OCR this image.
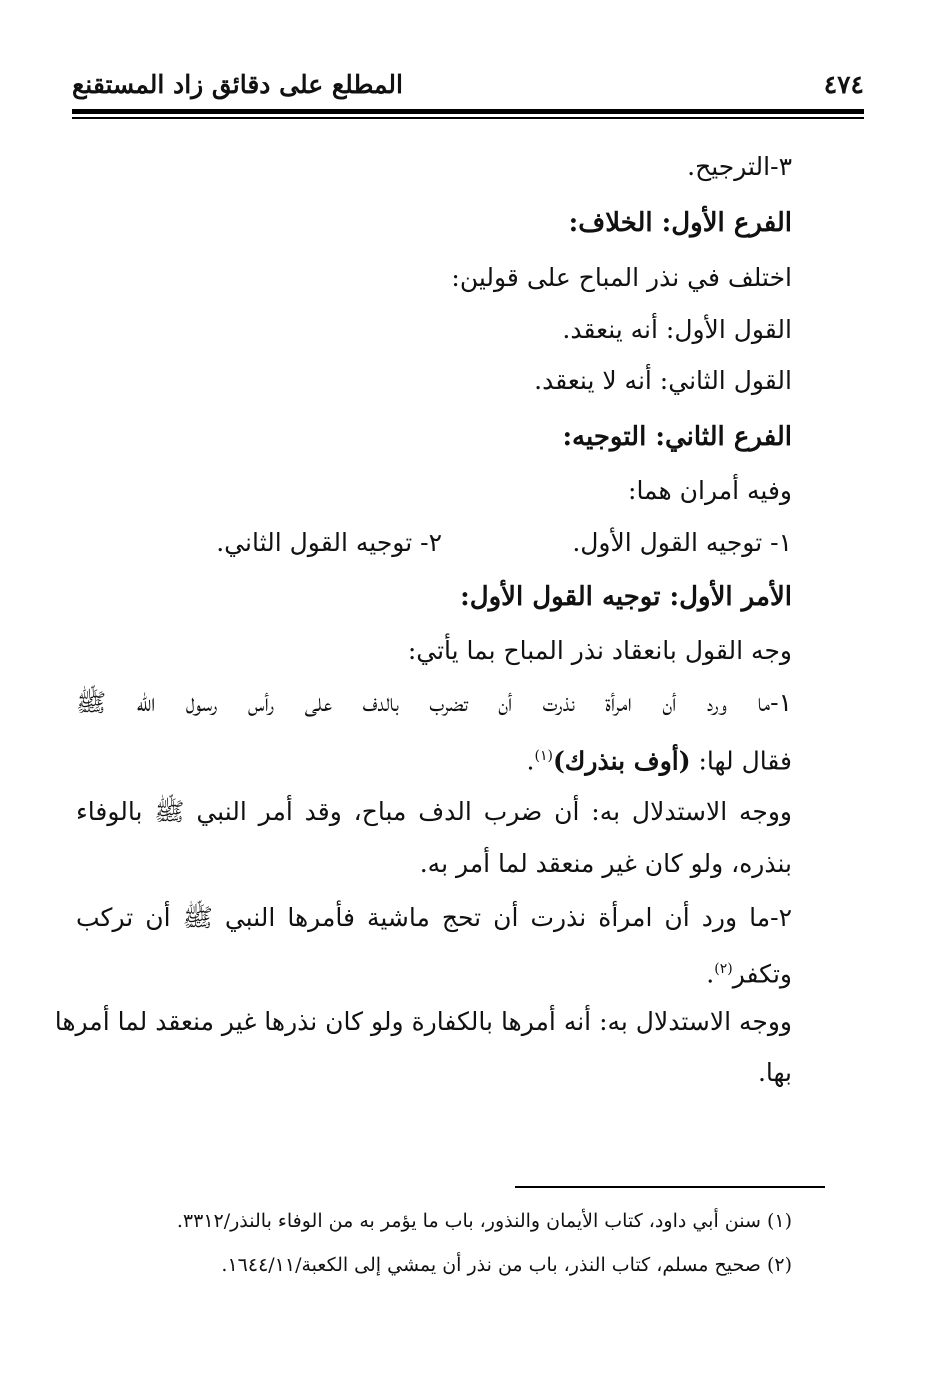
٤٧٤
المطلع على دقائق زاد المستقنع
٣-الترجيح.
الفرع الأول: الخلاف:
اختلف في نذر المباح على قولين:
القول الأول: أنه ينعقد.
القول الثاني: أنه لا ينعقد.
الفرع الثاني: التوجيه:
وفيه أمران هما:
١- توجيه القول الأول.
٢- توجيه القول الثاني.
الأمر الأول: توجيه القول الأول:
وجه القول بانعقاد نذر المباح بما يأتي:
١-ما ورد أن امرأة نذرت أن تضرب بالدف على رأس رسول الله ﷺ
فقال لها: (أوف بنذرك)$^{(١)}$.
ووجه الاستدلال به: أن ضرب الدف مباح، وقد أمر النبي ﷺ بالوفاء
بنذره، ولو كان غير منعقد لما أمر به.
٢-ما ورد أن امرأة نذرت أن تحج ماشية فأمرها النبي ﷺ أن تركب
وتكفر$^{(٢)}$.
ووجه الاستدلال به: أنه أمرها بالكفارة ولو كان نذرها غير منعقد لما أمرها
بها.
(١) سنن أبي داود، كتاب الأيمان والنذور، باب ما يؤمر به من الوفاء بالنذر/٣٣١٢.
(٢) صحيح مسلم، كتاب النذر، باب من نذر أن يمشي إلى الكعبة/١٦٤٤/١١.
